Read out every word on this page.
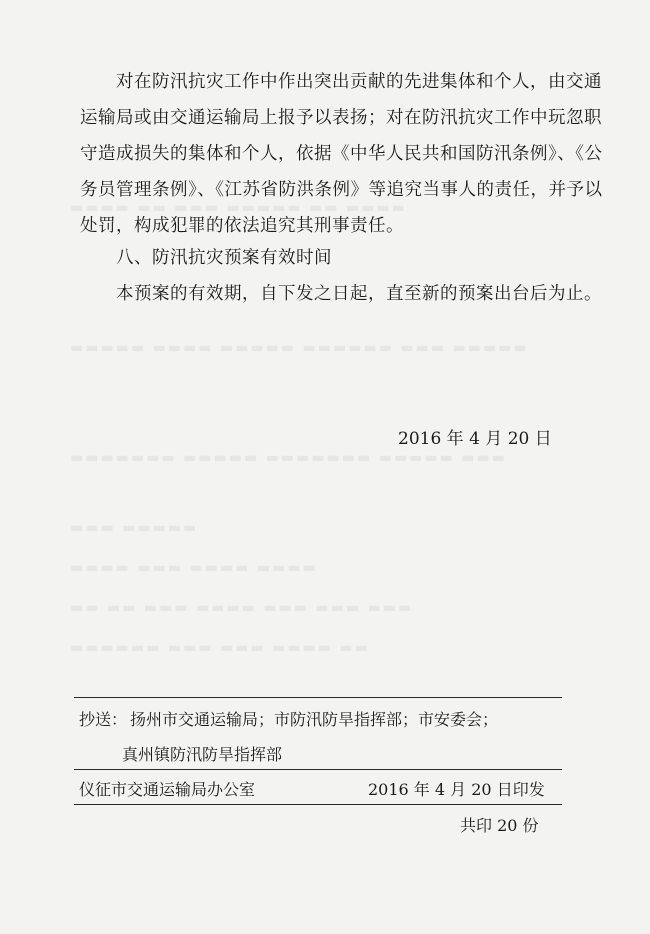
▬▬▬▬ ▬▬ ▬▬▬ ▬▬▬▬▬ ▬▬ ▬▬▬▬
▬▬▬▬▬ ▬▬▬▬ ▬▬▬▬▬ ▬▬▬▬▬▬ ▬▬▬ ▬▬▬▬▬
▬▬▬▬▬▬▬ ▬▬▬▬▬ ▬▬▬▬▬▬▬ ▬▬▬▬▬ ▬▬▬
▬▬▬ ▬▬▬▬▬
▬▬▬▬ ▬▬▬ ▬▬▬▬ ▬▬▬▬
▬▬ ▬▬ ▬▬▬ ▬▬▬▬ ▬▬▬ ▬▬▬ ▬▬▬
▬▬▬▬▬▬ ▬▬▬ ▬▬▬ ▬▬▬▬ ▬▬

对在防汛抗灾工作中作出突出贡献的先进集体和个人，由交通
运输局或由交通运输局上报予以表扬；对在防汛抗灾工作中玩忽职
守造成损失的集体和个人，依据《中华人民共和国防汛条例》、《公
务员管理条例》、《江苏省防洪条例》等追究当事人的责任，并予以
处罚，构成犯罪的依法追究其刑事责任。

八、防汛抗灾预案有效时间

本预案的有效期，自下发之日起，直至新的预案出台后为止。

2016 年 4 月 20 日
抄送： 扬州市交通运输局；市防汛防旱指挥部；市安委会；
真州镇防汛防旱指挥部
仪征市交通运输局办公室	2016 年 4 月 20 日印发
共印 20 份
